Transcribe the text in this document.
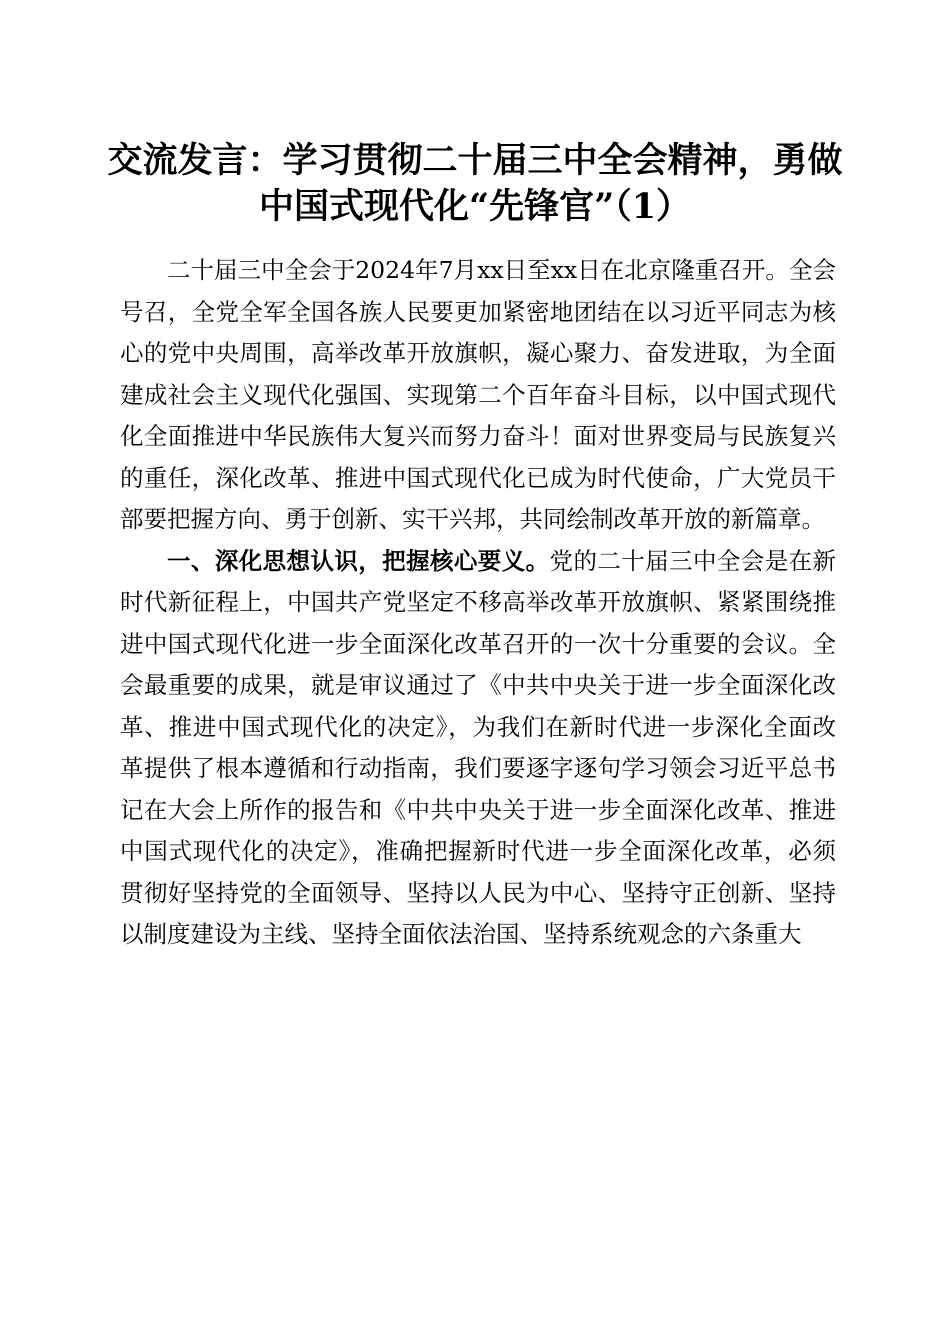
交流发言：学习贯彻二十届三中全会精神，勇做中国式现代化“先锋官”（1）

二十届三中全会于2024年7月xx日至xx日在北京隆重召开。全会号召，全党全军全国各族人民要更加紧密地团结在以习近平同志为核心的党中央周围，高举改革开放旗帜，凝心聚力、奋发进取，为全面建成社会主义现代化强国、实现第二个百年奋斗目标，以中国式现代化全面推进中华民族伟大复兴而努力奋斗！面对世界变局与民族复兴的重任，深化改革、推进中国式现代化已成为时代使命，广大党员干部要把握方向、勇于创新、实干兴邦，共同绘制改革开放的新篇章。

一、深化思想认识，把握核心要义。党的二十届三中全会是在新时代新征程上，中国共产党坚定不移高举改革开放旗帜、紧紧围绕推进中国式现代化进一步全面深化改革召开的一次十分重要的会议。全会最重要的成果，就是审议通过了《中共中央关于进一步全面深化改革、推进中国式现代化的决定》，为我们在新时代进一步深化全面改革提供了根本遵循和行动指南，我们要逐字逐句学习领会习近平总书记在大会上所作的报告和《中共中央关于进一步全面深化改革、推进中国式现代化的决定》，准确把握新时代进一步全面深化改革，必须贯彻好坚持党的全面领导、坚持以人民为中心、坚持守正创新、坚持以制度建设为主线、坚持全面依法治国、坚持系统观念的六条重大
